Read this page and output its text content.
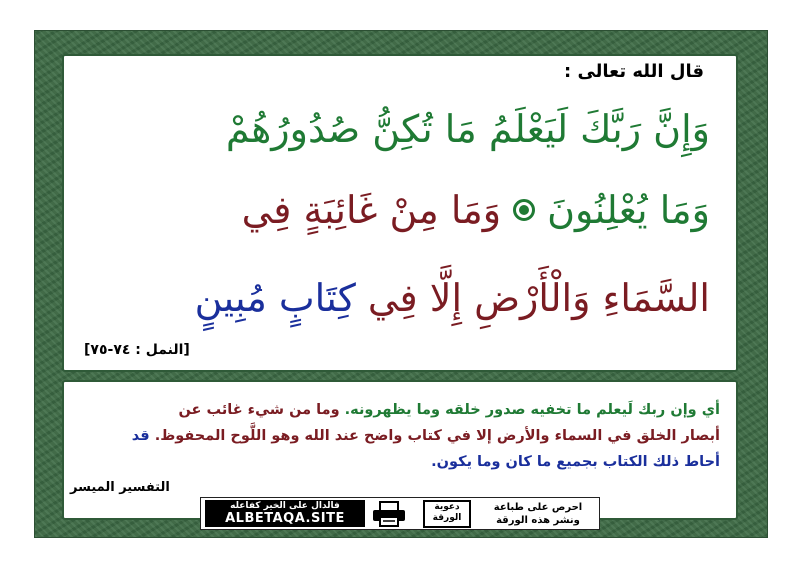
قال الله تعالى :
وَإِنَّ رَبَّكَ لَيَعْلَمُ مَا تُكِنُّ صُدُورُهُمْ
وَمَا يُعْلِنُونَوَمَا مِنْ غَائِبَةٍ فِي
السَّمَاءِ وَالْأَرْضِ إِلَّا فِي كِتَابٍ مُبِينٍ
[النمل : ٧٤-٧٥]
أي وإن ربك لَيعلم ما تخفيه صدور خلقه وما يظهرونه. وما من شيء غائب عن
أبصار الخلق في السماء والأرض إلا في كتاب واضح عند الله وهو اللَّوح المحفوظ. قد
أحاط ذلك الكتاب بجميع ما كان وما يكون.
التفسير الميسر
فالدال على الخير كفاعله
ALBETAQA.SITE
دعوية الورقة
احرص على طباعة ونشر هذه الورقة
